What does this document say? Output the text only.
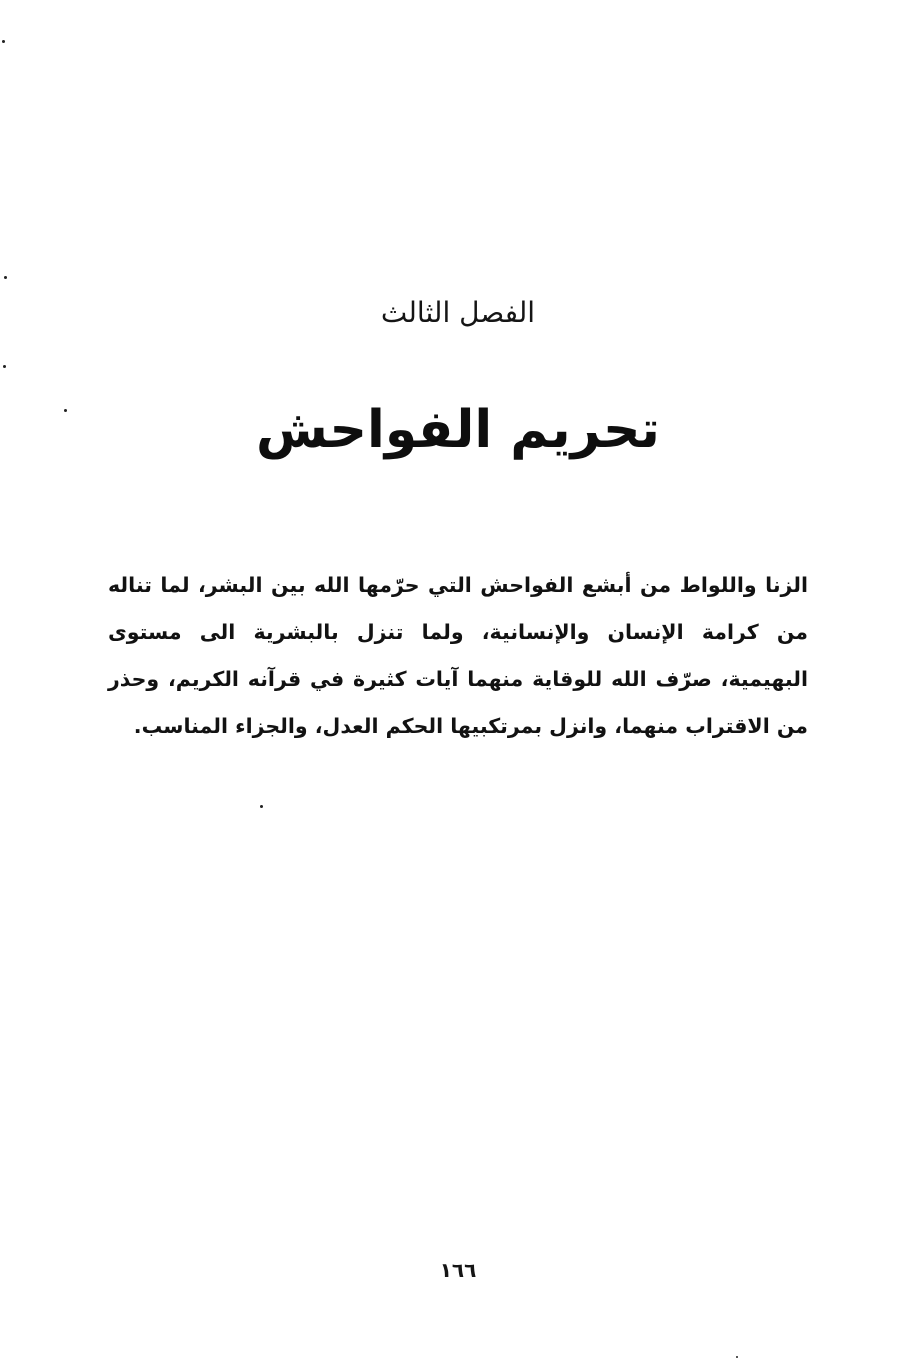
الفصل الثالث
تحريم الفواحش
الزنا واللواط من أبشع الفواحش التي حرّمها الله بين البشر، لما تناله من كرامة الإنسان والإنسانية، ولما تنزل بالبشرية الى مستوى البهيمية، صرّف الله للوقاية منهما آيات كثيرة في قرآنه الكريم، وحذر من الاقتراب منهما، وانزل بمرتكبيها الحكم العدل، والجزاء المناسب.
١٦٦
